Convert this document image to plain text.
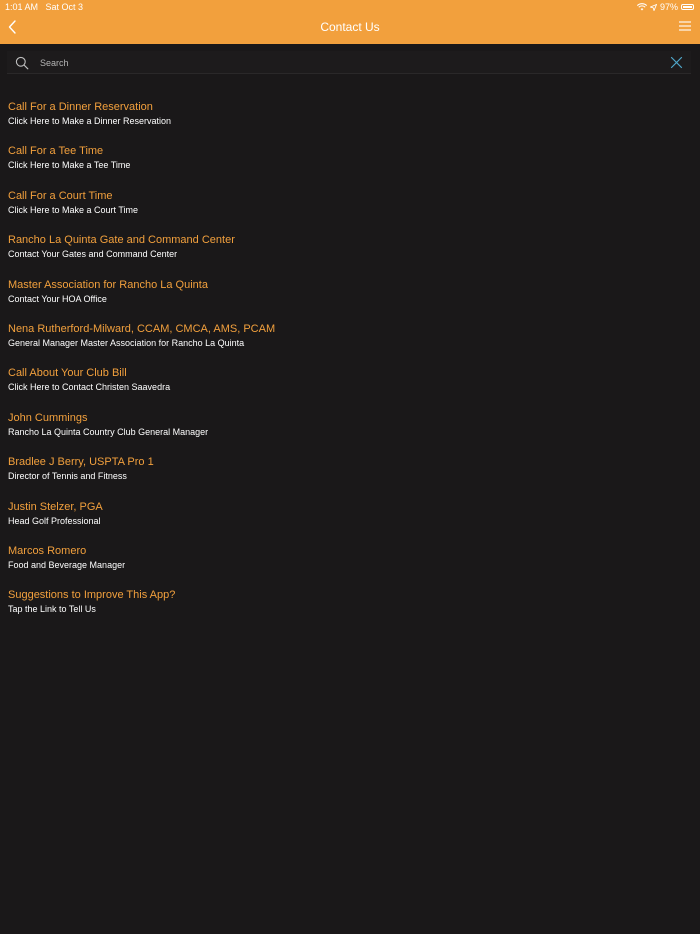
1:01 AM Sat Oct 3	97%
Contact Us
Search
Call For a Dinner Reservation
Click Here to Make a Dinner Reservation
Call For a Tee Time
Click Here to Make a Tee Time
Call For a Court Time
Click Here to Make a Court Time
Rancho La Quinta Gate and Command Center
Contact Your Gates and Command Center
Master Association for Rancho La Quinta
Contact Your HOA Office
Nena Rutherford-Milward, CCAM, CMCA, AMS, PCAM
General Manager Master Association for Rancho La Quinta
Call About Your Club Bill
Click Here to Contact Christen Saavedra
John Cummings
Rancho La Quinta Country Club General Manager
Bradlee J Berry, USPTA Pro 1
Director of Tennis and Fitness
Justin Stelzer, PGA
Head Golf Professional
Marcos Romero
Food and Beverage Manager
Suggestions to Improve This App?
Tap the Link to Tell Us
